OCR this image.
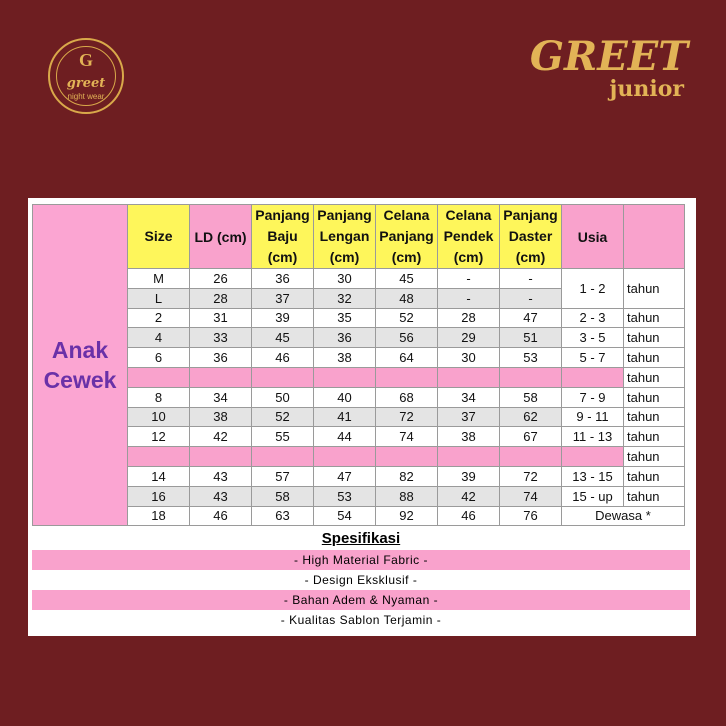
G
greet
night wear
GREET
junior
Anak
Cewek	Size	LD (cm)	Panjang
Baju
(cm)	Panjang
Lengan
(cm)	Celana
Panjang
(cm)	Celana
Pendek
(cm)	Panjang
Daster
(cm)	Usia	
	M	26	36	30	45	-	-	1 - 2	tahun
	L	28	37	32	48	-	-		
	2	31	39	35	52	28	47	2 - 3	tahun
	4	33	45	36	56	29	51	3 - 5	tahun
	6	36	46	38	64	30	53	5 - 7	tahun
									tahun
	8	34	50	40	68	34	58	7 - 9	tahun
	10	38	52	41	72	37	62	9 - 11	tahun
	12	42	55	44	74	38	67	11 - 13	tahun
									tahun
	14	43	57	47	82	39	72	13 - 15	tahun
	16	43	58	53	88	42	74	15 - up	tahun
	18	46	63	54	92	46	76	Dewasa *	
Spesifikasi
- High Material Fabric -
- Design Eksklusif -
- Bahan Adem & Nyaman -
- Kualitas Sablon Terjamin -
